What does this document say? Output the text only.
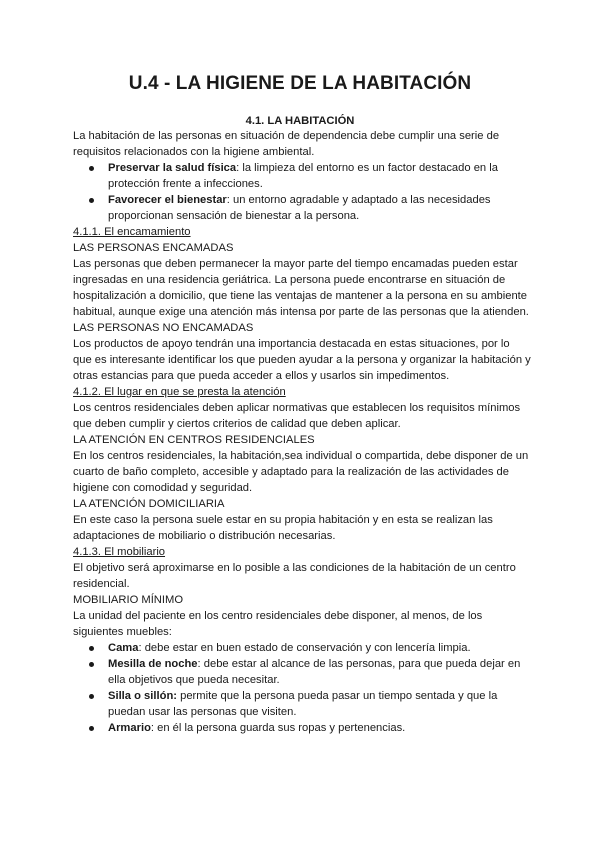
U.4 - LA HIGIENE DE LA HABITACIÓN
4.1. LA HABITACIÓN

La habitación de las personas en situación de dependencia debe cumplir una serie de requisitos relacionados con la higiene ambiental.

Preservar la salud física: la limpieza del entorno es un factor destacado en la protección frente a infecciones.
Favorecer el bienestar: un entorno agradable y adaptado a las necesidades proporcionan sensación de bienestar a la persona.

4.1.1. El encamamiento

LAS PERSONAS ENCAMADAS

Las personas que deben permanecer la mayor parte del tiempo encamadas pueden estar ingresadas en una residencia geriátrica. La persona puede encontrarse en situación de hospitalización a domicilio, que tiene las ventajas de mantener a la persona en su ambiente habitual, aunque exige una atención más intensa por parte de las personas que la atienden.

LAS PERSONAS NO ENCAMADAS

Los productos de apoyo tendrán una importancia destacada en estas situaciones, por lo que es interesante identificar los que pueden ayudar a la persona y organizar la habitación y otras estancias para que pueda acceder a ellos y usarlos sin impedimentos.

4.1.2. El lugar en que se presta la atención

Los centros residenciales deben aplicar normativas que establecen los requisitos mínimos que deben cumplir y ciertos criterios de calidad que deben aplicar.

LA ATENCIÓN EN CENTROS RESIDENCIALES

En los centros residenciales, la habitación,sea individual o compartida, debe disponer de un cuarto de baño completo, accesible y adaptado para la realización de las actividades de higiene con comodidad y seguridad.

LA ATENCIÓN DOMICILIARIA

En este caso la persona suele estar en su propia habitación y en esta se realizan las adaptaciones de mobiliario o distribución necesarias.

4.1.3. El mobiliario

El objetivo será aproximarse en lo posible a las condiciones de la habitación de un centro residencial.

MOBILIARIO MÍNIMO

La unidad del paciente en los centro residenciales debe disponer, al menos, de los siguientes muebles:

Cama: debe estar en buen estado de conservación y con lencería limpia.
Mesilla de noche: debe estar al alcance de las personas, para que pueda dejar en ella objetivos que pueda necesitar.
Silla o sillón: permite que la persona pueda pasar un tiempo sentada y que la puedan usar las personas que visiten.
Armario: en él la persona guarda sus ropas y pertenencias.
